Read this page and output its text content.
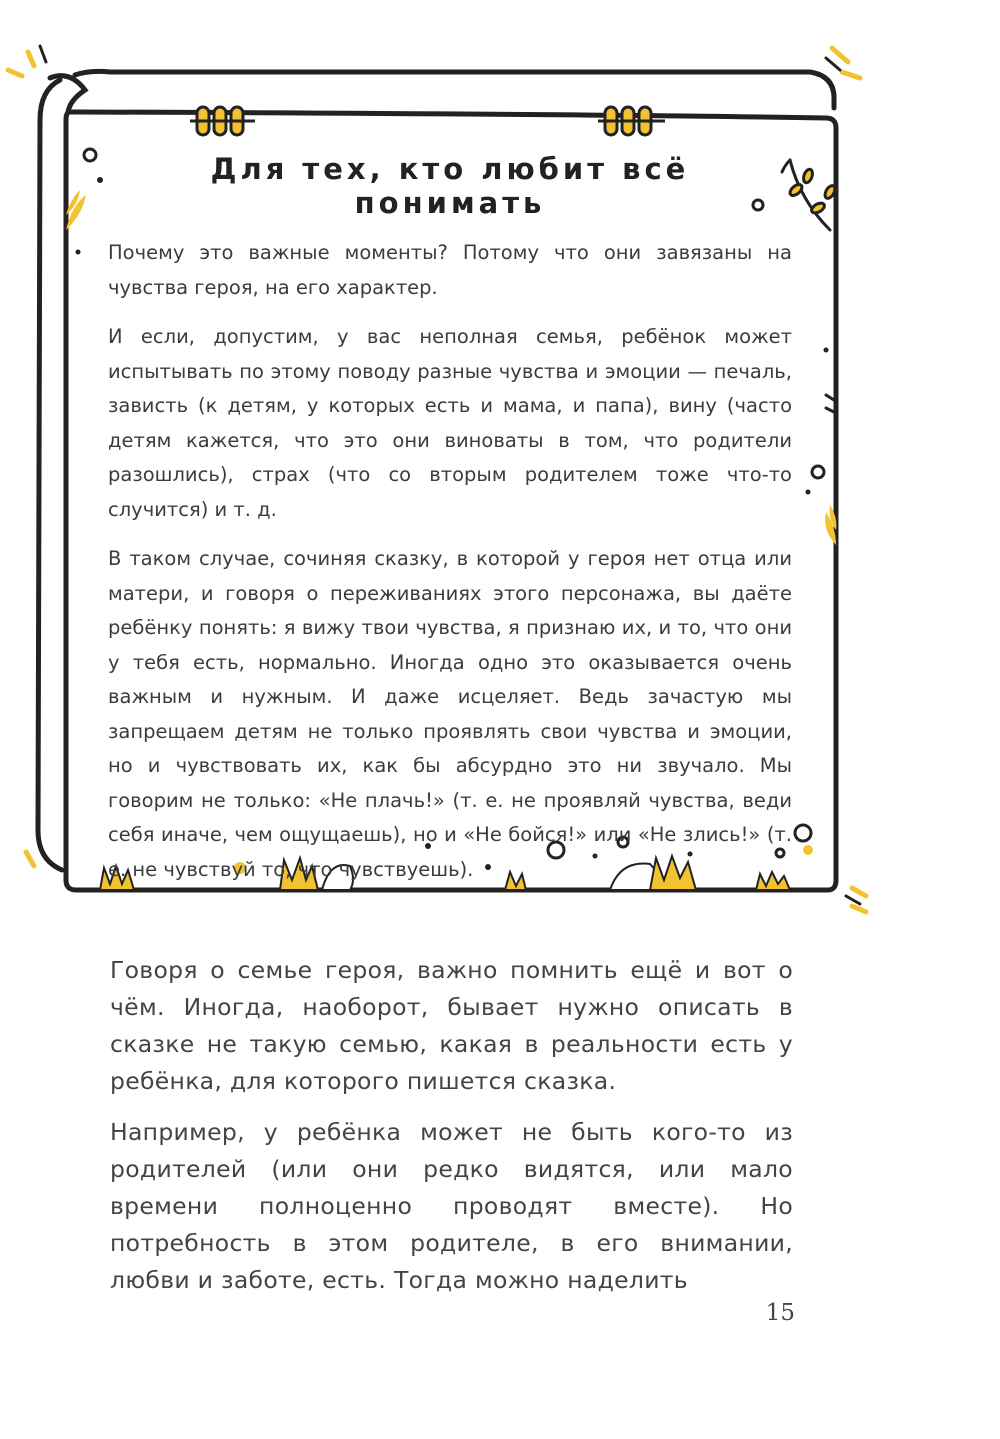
Для тех, кто любит всё понимать

Почему это важные моменты? Потому что они завязаны на чувства героя, на его характер.

И если, допустим, у вас неполная семья, ребёнок может испытывать по этому поводу разные чувства и эмоции — печаль, зависть (к детям, у которых есть и мама, и папа), вину (часто детям кажется, что это они виноваты в том, что родители разошлись), страх (что со вторым родителем тоже что-то случится) и т. д.

В таком случае, сочиняя сказку, в которой у героя нет отца или матери, и говоря о переживаниях этого персонажа, вы даёте ребёнку понять: я вижу твои чувства, я признаю их, и то, что они у тебя есть, нормально. Иногда одно это оказывается очень важным и нужным. И даже исцеляет. Ведь зачастую мы запрещаем детям не только проявлять свои чувства и эмоции, но и чувствовать их, как бы абсурдно это ни звучало. Мы говорим не только: «Не плачь!» (т. е. не проявляй чувства, веди себя иначе, чем ощущаешь), но и «Не бойся!» или «Не злись!» (т. е. не чувствуй то, что чувствуешь).

Говоря о семье героя, важно помнить ещё и вот о чём. Иногда, наоборот, бывает нужно описать в сказке не такую семью, какая в реальности есть у ребёнка, для которого пишется сказка.

Например, у ребёнка может не быть кого-то из родителей (или они редко видятся, или мало времени полноценно проводят вместе). Но потребность в этом родителе, в его внимании, любви и заботе, есть. Тогда можно наделить

15
